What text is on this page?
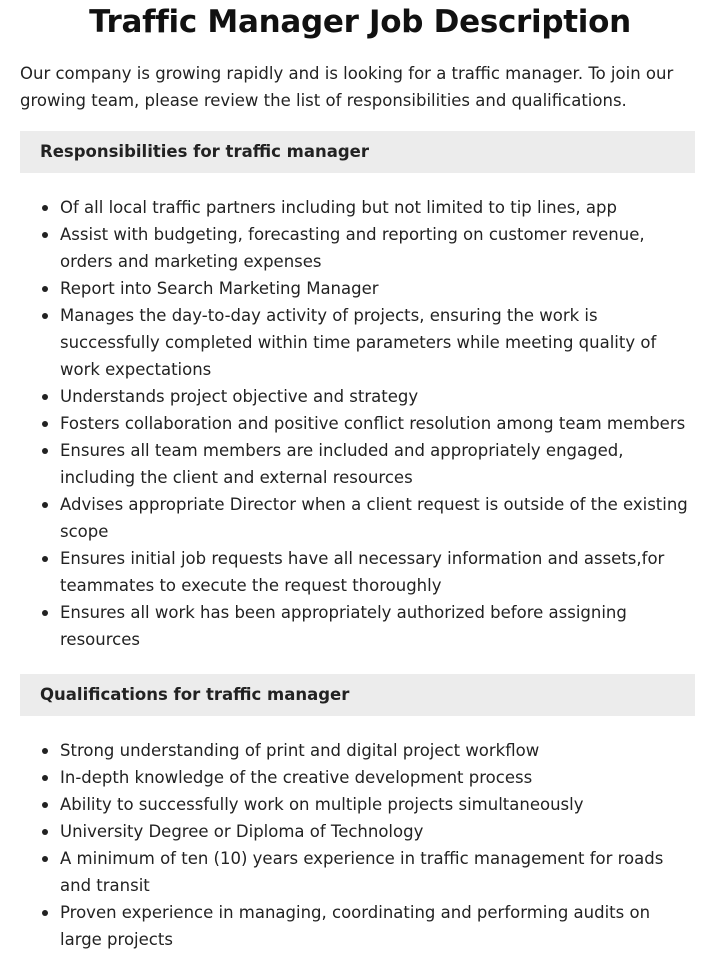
Traffic Manager Job Description

Our company is growing rapidly and is looking for a traffic manager. To join our growing team, please review the list of responsibilities and qualifications.

Responsibilities for traffic manager
Of all local traffic partners including but not limited to tip lines, app
Assist with budgeting, forecasting and reporting on customer revenue, orders and marketing expenses
Report into Search Marketing Manager
Manages the day-to-day activity of projects, ensuring the work is successfully completed within time parameters while meeting quality of work expectations
Understands project objective and strategy
Fosters collaboration and positive conflict resolution among team members
Ensures all team members are included and appropriately engaged, including the client and external resources
Advises appropriate Director when a client request is outside of the existing scope
Ensures initial job requests have all necessary information and assets,for teammates to execute the request thoroughly
Ensures all work has been appropriately authorized before assigning resources
Qualifications for traffic manager
Strong understanding of print and digital project workflow
In-depth knowledge of the creative development process
Ability to successfully work on multiple projects simultaneously
University Degree or Diploma of Technology
A minimum of ten (10) years experience in traffic management for roads and transit
Proven experience in managing, coordinating and performing audits on large projects
